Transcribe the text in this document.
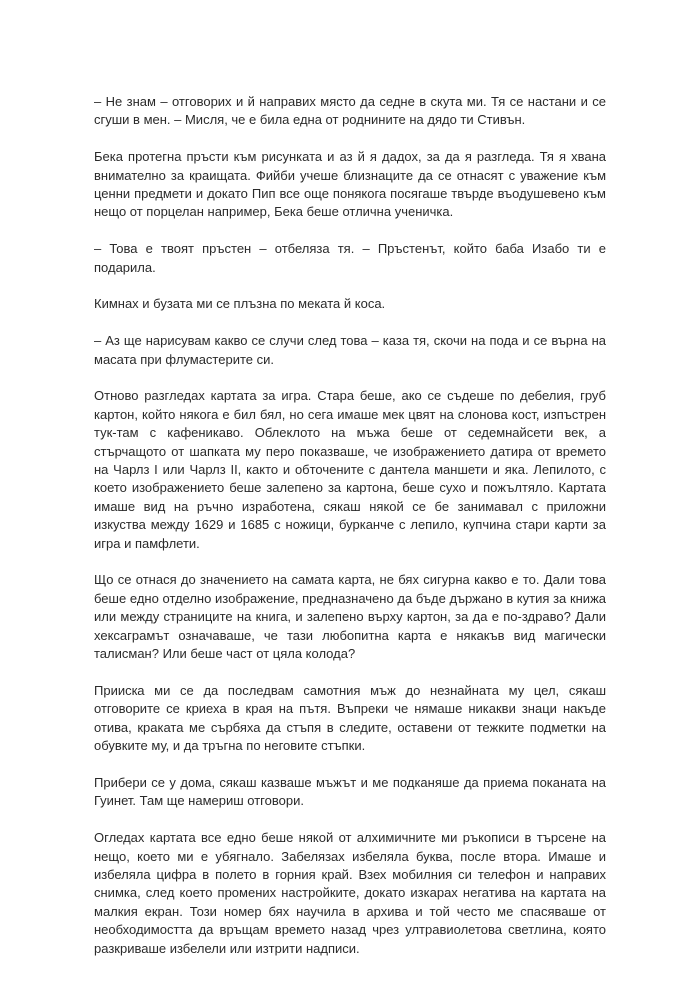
– Не знам – отговорих и й направих място да седне в скута ми. Тя се настани и се сгуши в мен. – Мисля, че е била една от роднините на дядо ти Стивън.

Бека протегна пръсти към рисунката и аз й я дадох, за да я разгледа. Тя я хвана внимателно за краищата. Фийби учеше близнаците да се отнасят с уважение към ценни предмети и докато Пип все още понякога посягаше твърде въодушевено към нещо от порцелан например, Бека беше отлична ученичка.

– Това е твоят пръстен – отбеляза тя. – Пръстенът, който баба Изабо ти е подарила.

Кимнах и бузата ми се плъзна по меката й коса.

– Аз ще нарисувам какво се случи след това – каза тя, скочи на пода и се върна на масата при флумастерите си.

Отново разгледах картата за игра. Стара беше, ако се съдеше по дебелия, груб картон, който някога е бил бял, но сега имаше мек цвят на слонова кост, изпъстрен тук-там с кафеникаво. Облеклото на мъжа беше от седемнайсети век, а стърчащото от шапката му перо показваше, че изображението датира от времето на Чарлз I или Чарлз II, както и обточените с дантела маншети и яка. Лепилото, с което изображението беше залепено за картона, беше сухо и пожълтяло. Картата имаше вид на ръчно изработена, сякаш някой се бе занимавал с приложни изкуства между 1629 и 1685 с ножици, бурканче с лепило, купчина стари карти за игра и памфлети.

Що се отнася до значението на самата карта, не бях сигурна какво е то. Дали това беше едно отделно изображение, предназначено да бъде държано в кутия за книжа или между страниците на книга, и залепено върху картон, за да е по-здраво? Дали хексаграмът означаваше, че тази любопитна карта е някакъв вид магически талисман? Или беше част от цяла колода?

Приискa ми се да последвам самотния мъж до незнайната му цел, сякаш отговорите се криеха в края на пътя. Въпреки че нямаше никакви знаци накъде отива, краката ме сърбяха да стъпя в следите, оставени от тежките подметки на обувките му, и да тръгна по неговите стъпки.

Прибери се у дома, сякаш казваше мъжът и ме подканяше да приема поканата на Гуинет. Там ще намериш отговори.

Огледах картата все едно беше някой от алхимичните ми ръкописи в търсене на нещо, което ми е убягнало. Забелязах избеляла буква, после втора. Имаше и избеляла цифра в полето в горния край. Взех мобилния си телефон и направих снимка, след което промених настройките, докато изкарах негатива на картата на малкия екран. Този номер бях научила в архива и той често ме спасяваше от необходимостта да връщам времето назад чрез ултравиолетова светлина, която разкриваше избелели или изтрити надписи.
